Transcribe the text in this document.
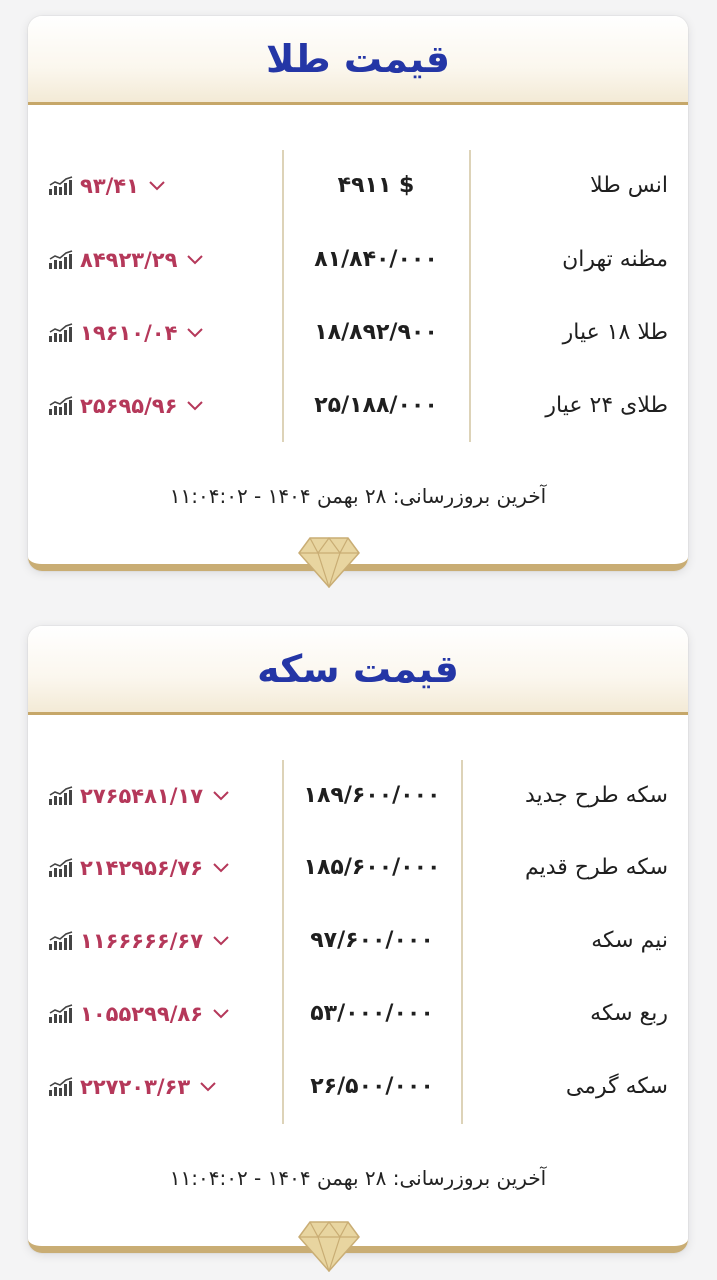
قیمت طلا
انس طلا
۴۹۱۱ $
۹۳/۴۱
مظنه تهران
۸۱/۸۴۰/۰۰۰
۸۴۹۲۳/۲۹
طلا ۱۸ عیار
۱۸/۸۹۲/۹۰۰
۱۹۶۱۰/۰۴
طلای ۲۴ عیار
۲۵/۱۸۸/۰۰۰
۲۵۶۹۵/۹۶
آخرین بروزرسانی: ۲۸ بهمن ۱۴۰۴ - ۱۱:۰۴:۰۲
قیمت سکه
سکه طرح جدید
۱۸۹/۶۰۰/۰۰۰
۲۷۶۵۴۸۱/۱۷
سکه طرح قدیم
۱۸۵/۶۰۰/۰۰۰
۲۱۴۲۹۵۶/۷۶
نیم سکه
۹۷/۶۰۰/۰۰۰
۱۱۶۶۶۶۶/۶۷
ربع سکه
۵۳/۰۰۰/۰۰۰
۱۰۵۵۲۹۹/۸۶
سکه گرمی
۲۶/۵۰۰/۰۰۰
۲۲۷۲۰۳/۶۳
آخرین بروزرسانی: ۲۸ بهمن ۱۴۰۴ - ۱۱:۰۴:۰۲
